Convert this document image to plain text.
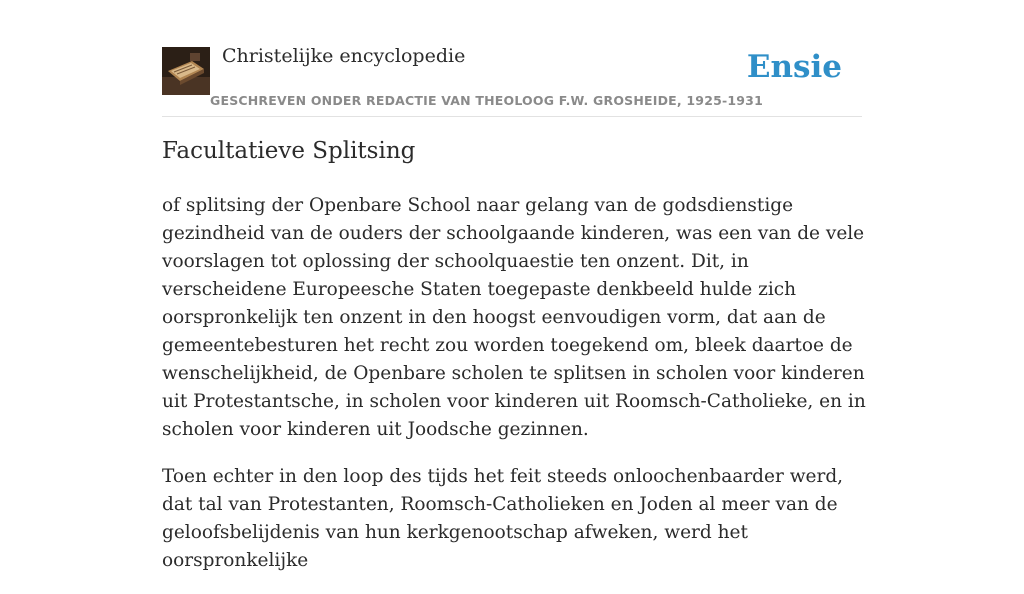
Christelijke encyclopedie
GESCHREVEN ONDER REDACTIE VAN THEOLOOG F.W. GROSHEIDE, 1925-1931
Ensie
Facultatieve Splitsing

of splitsing der Openbare School naar gelang van de godsdienstige gezindheid van de ouders der schoolgaande kinderen, was een van de vele voorslagen tot oplossing der schoolquaestie ten onzent. Dit, in verscheidene Europeesche Staten toegepaste denkbeeld hulde zich oorspronkelijk ten onzent in den hoogst eenvoudigen vorm, dat aan de gemeentebesturen het recht zou worden toegekend om, bleek daartoe de wenschelijkheid, de Openbare scholen te splitsen in scholen voor kinderen uit Protestantsche, in scholen voor kinderen uit Roomsch-Catholieke, en in scholen voor kinderen uit Joodsche gezinnen.

Toen echter in den loop des tijds het feit steeds onloochenbaarder werd, dat tal van Protestanten, Roomsch-Catholieken en Joden al meer van de geloofsbelijdenis van hun kerkgenootschap afweken, werd het oorspronkelijke
